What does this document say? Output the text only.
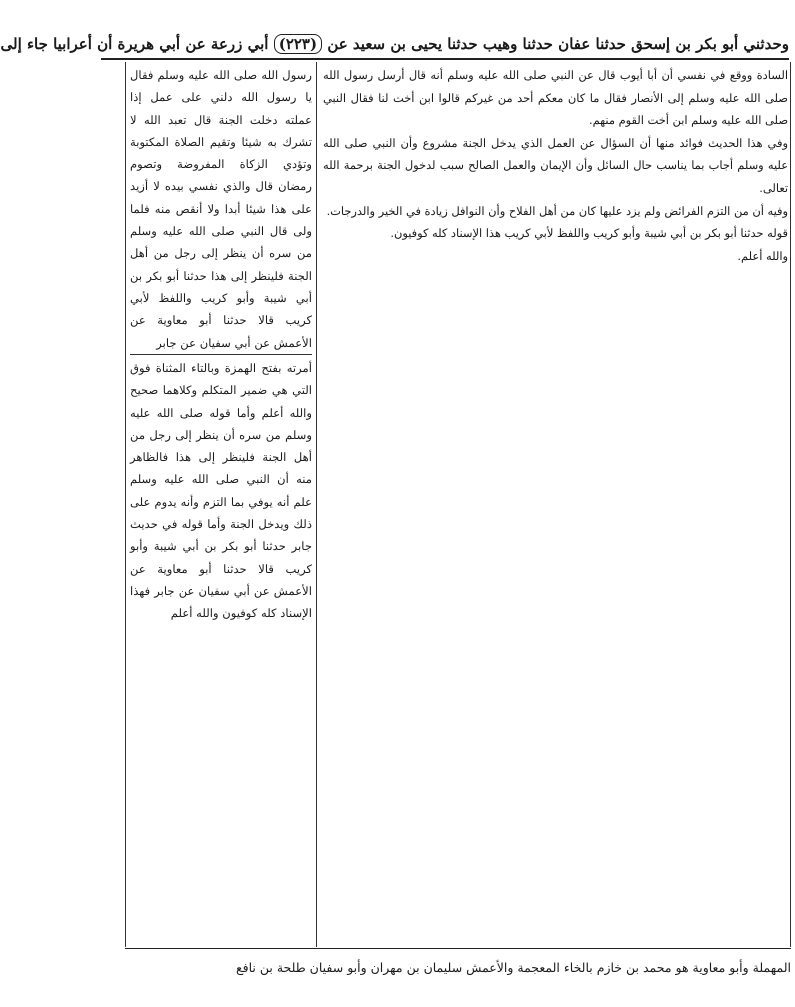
وحدثني أبو بكر بن إسحق حدثنا عفان حدثنا وهيب حدثنا يحيى بن سعيد عن (٢٢٣) أبي زرعة عن أبي هريرة أن أعرابيا جاء إلى
رسول الله صلى الله عليه وسلم فقال يا رسول الله دلني على عمل إذا عملته دخلت الجنة قال تعبد الله لا تشرك به شيئا وتقيم الصلاة المكتوبة وتؤدي الزكاة المفروضة وتصوم رمضان قال والذي نفسي بيده لا أزيد على هذا شيئا أبدا ولا أنقص منه فلما ولى قال النبي صلى الله عليه وسلم من سره أن ينظر إلى رجل من أهل الجنة فلينظر إلى هذا حدثنا أبو بكر بن أبي شيبة وأبو كريب واللفظ لأبي كريب قالا حدثنا أبو معاوية عن الأعمش عن أبي سفيان عن جابر
أمرته بفتح الهمزة وبالتاء المثناة فوق التي هي ضمير المتكلم وكلاهما صحيح والله أعلم وأما قوله صلى الله عليه وسلم من سره أن ينظر إلى رجل من أهل الجنة فلينظر إلى هذا فالظاهر منه أن النبي صلى الله عليه وسلم علم أنه يوفي بما التزم وأنه يدوم على ذلك ويدخل الجنة وأما قوله في حديث جابر حدثنا أبو بكر بن أبي شيبة وأبو كريب قالا حدثنا أبو معاوية عن الأعمش عن أبي سفيان عن جابر فهذا الإسناد كله كوفيون والله أعلم

السادة ووقع في نفسي أن أبا أيوب قال عن النبي صلى الله عليه وسلم أنه قال أرسل رسول الله صلى الله عليه وسلم إلى الأنصار فقال ما كان معكم أحد من غيركم قالوا ابن أخت لنا فقال النبي صلى الله عليه وسلم ابن أخت القوم منهم.

وفي هذا الحديث فوائد منها أن السؤال عن العمل الذي يدخل الجنة مشروع وأن النبي صلى الله عليه وسلم أجاب بما يناسب حال السائل وأن الإيمان والعمل الصالح سبب لدخول الجنة برحمة الله تعالى.

وفيه أن من التزم الفرائض ولم يزد عليها كان من أهل الفلاح وأن النوافل زيادة في الخير والدرجات.

قوله حدثنا أبو بكر بن أبي شيبة وأبو كريب واللفظ لأبي كريب هذا الإسناد كله كوفيون.

والله أعلم.

المهملة وأبو معاوية هو محمد بن خازم بالخاء المعجمة والأعمش سليمان بن مهران وأبو سفيان طلحة بن نافع
